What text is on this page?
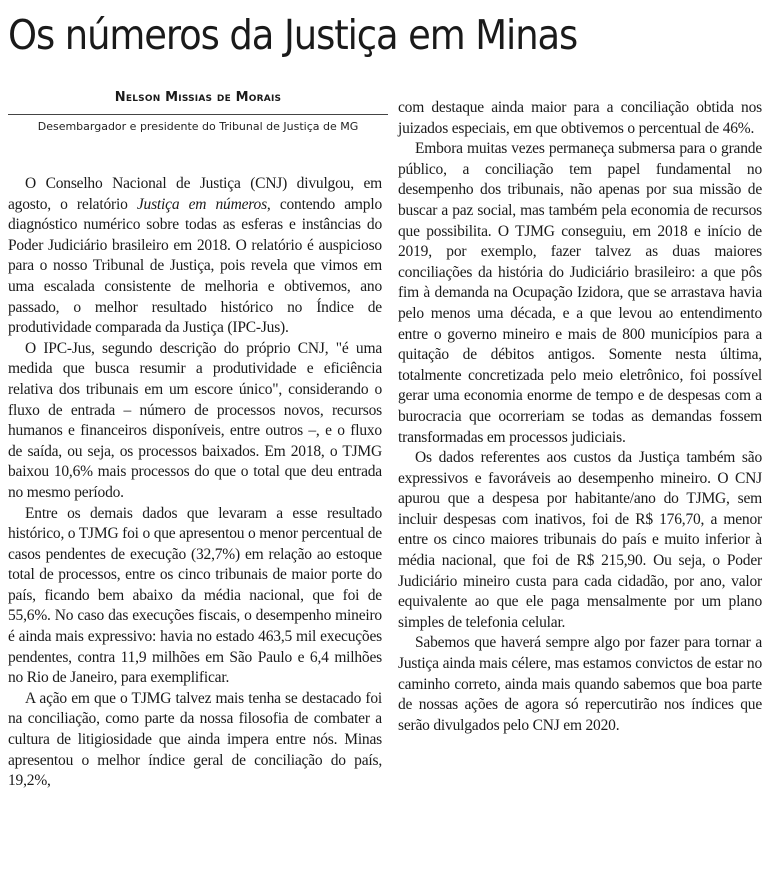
Os números da Justiça em Minas
Nelson Missias de Morais
Desembargador e presidente do Tribunal de Justiça de MG

O Conselho Nacional de Justiça (CNJ) divulgou, em agosto, o relatório Justiça em números, contendo amplo diagnóstico numérico sobre todas as esferas e instâncias do Poder Judiciário brasileiro em 2018. O relatório é auspicioso para o nosso Tribunal de Justiça, pois revela que vimos em uma escalada consistente de melhoria e obtivemos, ano passado, o melhor resultado histórico no Índice de produtividade comparada da Justiça (IPC-Jus).

O IPC-Jus, segundo descrição do próprio CNJ, "é uma medida que busca resumir a produtividade e eficiência relativa dos tribunais em um escore único", considerando o fluxo de entrada – número de processos novos, recursos humanos e financeiros disponíveis, entre outros –, e o fluxo de saída, ou seja, os processos baixados. Em 2018, o TJMG baixou 10,6% mais processos do que o total que deu entrada no mesmo período.

Entre os demais dados que levaram a esse resultado histórico, o TJMG foi o que apresentou o menor percentual de casos pendentes de execução (32,7%) em relação ao estoque total de processos, entre os cinco tribunais de maior porte do país, ficando bem abaixo da média nacional, que foi de 55,6%. No caso das execuções fiscais, o desempenho mineiro é ainda mais expressivo: havia no estado 463,5 mil execuções pendentes, contra 11,9 milhões em São Paulo e 6,4 milhões no Rio de Janeiro, para exemplificar.

A ação em que o TJMG talvez mais tenha se destacado foi na conciliação, como parte da nossa filosofia de combater a cultura de litigiosidade que ainda impera entre nós. Minas apresentou o melhor índice geral de conciliação do país, 19,2%,

com destaque ainda maior para a conciliação obtida nos juizados especiais, em que obtivemos o percentual de 46%.

Embora muitas vezes permaneça submersa para o grande público, a conciliação tem papel fundamental no desempenho dos tribunais, não apenas por sua missão de buscar a paz social, mas também pela economia de recursos que possibilita. O TJMG conseguiu, em 2018 e início de 2019, por exemplo, fazer talvez as duas maiores conciliações da história do Judiciário brasileiro: a que pôs fim à demanda na Ocupação Izidora, que se arrastava havia pelo menos uma década, e a que levou ao entendimento entre o governo mineiro e mais de 800 municípios para a quitação de débitos antigos. Somente nesta última, totalmente concretizada pelo meio eletrônico, foi possível gerar uma economia enorme de tempo e de despesas com a burocracia que ocorreriam se todas as demandas fossem transformadas em processos judiciais.

Os dados referentes aos custos da Justiça também são expressivos e favoráveis ao desempenho mineiro. O CNJ apurou que a despesa por habitante/ano do TJMG, sem incluir despesas com inativos, foi de R$ 176,70, a menor entre os cinco maiores tribunais do país e muito inferior à média nacional, que foi de R$ 215,90. Ou seja, o Poder Judiciário mineiro custa para cada cidadão, por ano, valor equivalente ao que ele paga mensalmente por um plano simples de telefonia celular.

Sabemos que haverá sempre algo por fazer para tornar a Justiça ainda mais célere, mas estamos convictos de estar no caminho correto, ainda mais quando sabemos que boa parte de nossas ações de agora só repercutirão nos índices que serão divulgados pelo CNJ em 2020.
